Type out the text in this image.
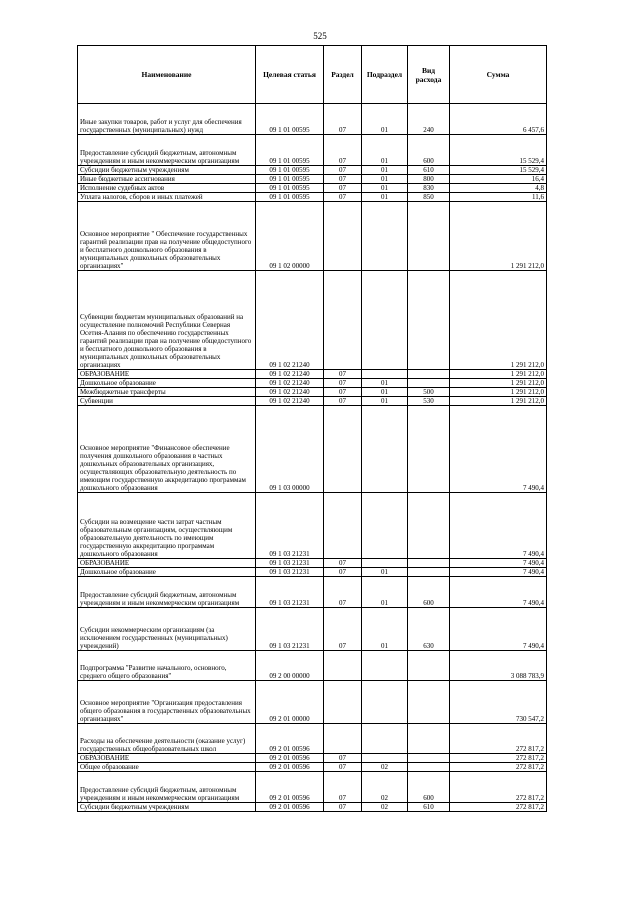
525
Наименование	Целевая статья	Раздел	Подраздел	Вид расхода	Сумма
Иные закупки товаров, работ и услуг для обеспечения государственных (муниципальных) нужд	09 1 01 00595	07	01	240	6 457,6
Предоставление субсидий бюджетным, автономным учреждениям и иным некоммерческим организациям	09 1 01 00595	07	01	600	15 529,4
Субсидии бюджетным учреждениям	09 1 01 00595	07	01	610	15 529,4
Иные бюджетные ассигнования	09 1 01 00595	07	01	800	16,4
Исполнение судебных актов	09 1 01 00595	07	01	830	4,8
Уплата налогов, сборов и иных платежей	09 1 01 00595	07	01	850	11,6
Основное мероприятие " Обеспечение государственных гарантий реализации прав на получение общедоступного и бесплатного дошкольного образования в муниципальных дошкольных образовательных организациях"	09 1 02 00000				1 291 212,0
Субвенции бюджетам муниципальных образований на осуществление полномочий Республики Северная Осетия-Алания по обеспечению государственных гарантий реализации прав на получение общедоступного и бесплатного дошкольного образования в муниципальных дошкольных образовательных организациях	09 1 02 21240				1 291 212,0
ОБРАЗОВАНИЕ	09 1 02 21240	07			1 291 212,0
Дошкольное образование	09 1 02 21240	07	01		1 291 212,0
Межбюджетные трансферты	09 1 02 21240	07	01	500	1 291 212,0
Субвенции	09 1 02 21240	07	01	530	1 291 212,0
Основное мероприятие "Финансовое обеспечение получения дошкольного образования в частных дошкольных образовательных организациях, осуществляющих образовательную деятельность по имеющим государственную аккредитацию программам дошкольного образования	09 1 03 00000				7 490,4
Субсидии на возмещение части затрат частным образовательным организациям, осуществляющим образовательную деятельность по имеющим государственную аккредитацию программам дошкольного образования	09 1 03 21231				7 490,4
ОБРАЗОВАНИЕ	09 1 03 21231	07			7 490,4
Дошкольное образование	09 1 03 21231	07	01		7 490,4
Предоставление субсидий бюджетным, автономным учреждениям и иным некоммерческим организациям	09 1 03 21231	07	01	600	7 490,4
Субсидии некоммерческим организациям (за исключением государственных (муниципальных) учреждений)	09 1 03 21231	07	01	630	7 490,4
Подпрограмма "Развитие начального, основного, среднего общего образования"	09 2 00 00000				3 088 783,9
Основное мероприятие "Организация предоставления общего образования в государственных образовательных организациях"	09 2 01 00000				730 547,2
Расходы на обеспечение деятельности (оказание услуг) государственных общеобразовательных школ	09 2 01 00596				272 817,2
ОБРАЗОВАНИЕ	09 2 01 00596	07			272 817,2
Общее образование	09 2 01 00596	07	02		272 817,2
Предоставление субсидий бюджетным, автономным учреждениям и иным некоммерческим организациям	09 2 01 00596	07	02	600	272 817,2
Субсидии бюджетным учреждениям	09 2 01 00596	07	02	610	272 817,2
